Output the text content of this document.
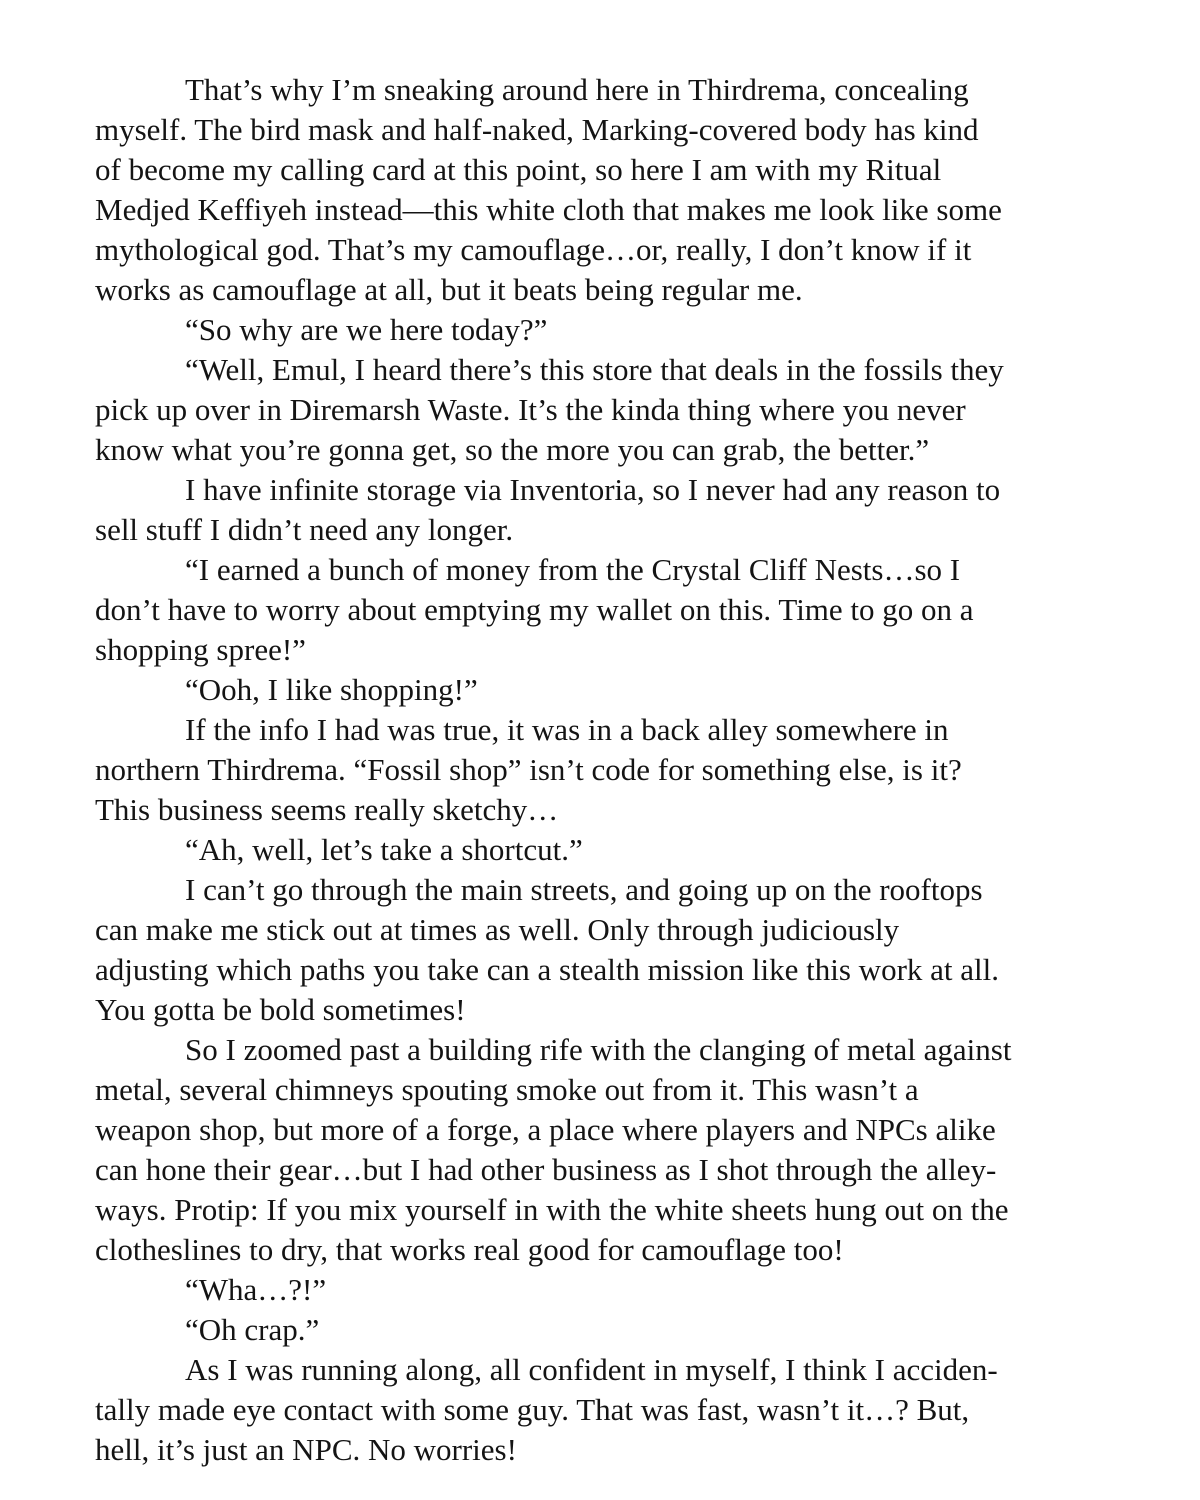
That’s why I’m sneaking around here in Thirdrema, concealing

myself. The bird mask and half-naked, Marking-covered body has kind

of become my calling card at this point, so here I am with my Ritual

Medjed Keffiyeh instead—this white cloth that makes me look like some

mythological god. That’s my camouflage…or, really, I don’t know if it

works as camouflage at all, but it beats being regular me.

“So why are we here today?”

“Well, Emul, I heard there’s this store that deals in the fossils they

pick up over in Diremarsh Waste. It’s the kinda thing where you never

know what you’re gonna get, so the more you can grab, the better.”

I have infinite storage via Inventoria, so I never had any reason to

sell stuff I didn’t need any longer.

“I earned a bunch of money from the Crystal Cliff Nests…so I

don’t have to worry about emptying my wallet on this. Time to go on a

shopping spree!”

“Ooh, I like shopping!”

If the info I had was true, it was in a back alley somewhere in

northern Thirdrema. “Fossil shop” isn’t code for something else, is it?

This business seems really sketchy…

“Ah, well, let’s take a shortcut.”

I can’t go through the main streets, and going up on the rooftops

can make me stick out at times as well. Only through judiciously

adjusting which paths you take can a stealth mission like this work at all.

You gotta be bold sometimes!

So I zoomed past a building rife with the clanging of metal against

metal, several chimneys spouting smoke out from it. This wasn’t a

weapon shop, but more of a forge, a place where players and NPCs alike

can hone their gear…but I had other business as I shot through the alley-

ways. Protip: If you mix yourself in with the white sheets hung out on the

clotheslines to dry, that works real good for camouflage too!

“Wha…?!”

“Oh crap.”

As I was running along, all confident in myself, I think I acciden-

tally made eye contact with some guy. That was fast, wasn’t it…? But,

hell, it’s just an NPC. No worries!
